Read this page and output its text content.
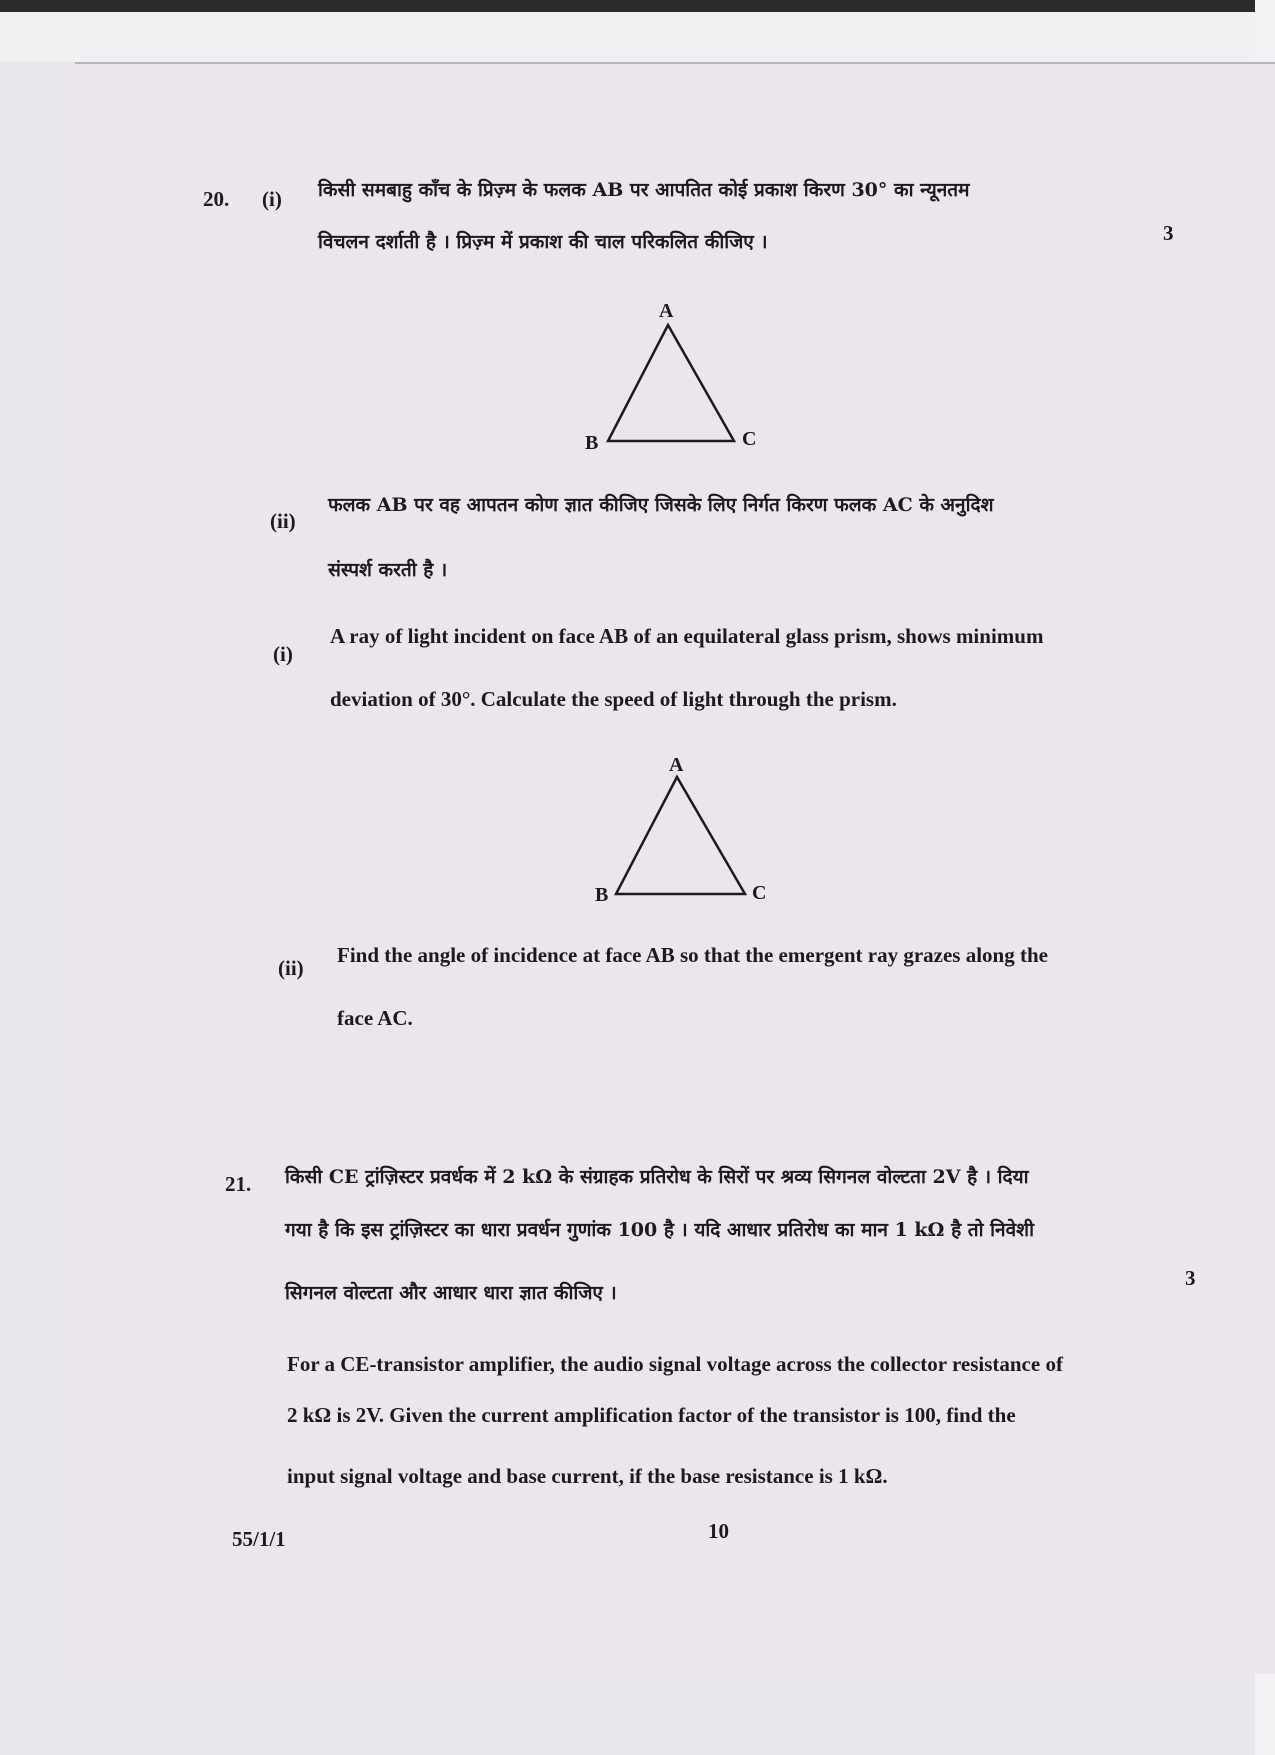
20. (i) किसी समबाहु काँच के प्रिज़्म के फलक AB पर आपतित कोई प्रकाश किरण 30° का न्यूनतम
विचलन दर्शाती है । प्रिज़्म में प्रकाश की चाल परिकलित कीजिए ।	3
A
B	C
(ii)
फलक AB पर वह आपतन कोण ज्ञात कीजिए जिसके लिए निर्गत किरण फलक AC के अनुदिश
संस्पर्श करती है ।
(i)
A ray of light incident on face AB of an equilateral glass prism, shows minimum
deviation of 30°. Calculate the speed of light through the prism.
A
B	C
(ii)
Find the angle of incidence at face AB so that the emergent ray grazes along the
face AC.
21. किसी CE ट्रांज़िस्टर प्रवर्धक में 2 kΩ के संग्राहक प्रतिरोध के सिरों पर श्रव्य सिगनल वोल्टता 2V है । दिया
गया है कि इस ट्रांज़िस्टर का धारा प्रवर्धन गुणांक 100 है । यदि आधार प्रतिरोध का मान 1 kΩ है तो निवेशी
सिगनल वोल्टता और आधार धारा ज्ञात कीजिए ।
3
For a CE-transistor amplifier, the audio signal voltage across the collector resistance of
2 kΩ is 2V. Given the current amplification factor of the transistor is 100, find the
input signal voltage and base current, if the base resistance is 1 kΩ.
55/1/1	10
